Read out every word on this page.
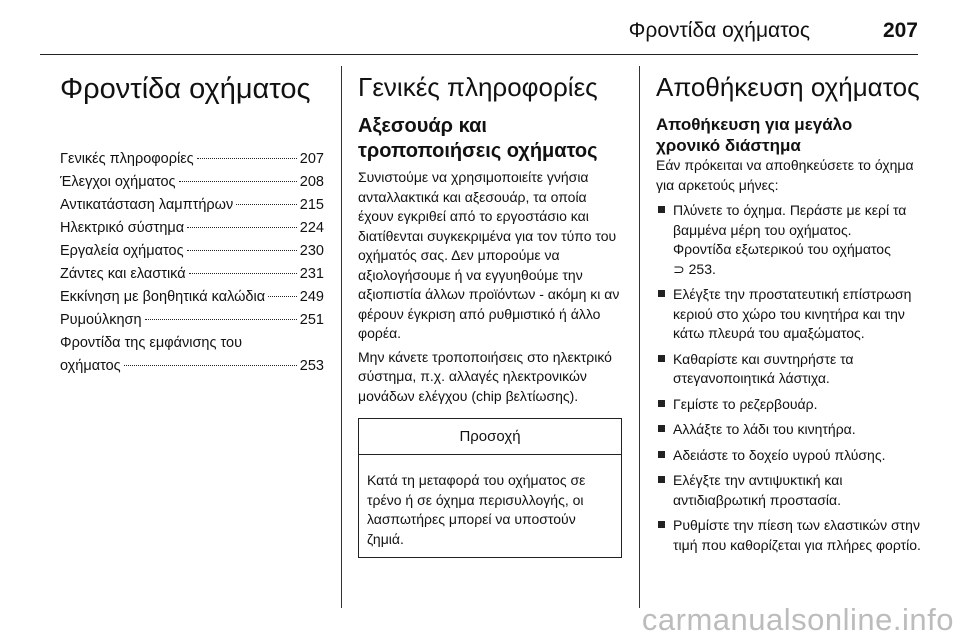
Φροντίδα οχήματος	207
Φροντίδα οχήματος
Γενικές πληροφορίες	207
Έλεγχοι οχήματος	208
Αντικατάσταση λαμπτήρων	215
Ηλεκτρικό σύστημα	224
Εργαλεία οχήματος	230
Ζάντες και ελαστικά	231
Εκκίνηση με βοηθητικά καλώδια 249
Ρυμούλκηση	251
Φροντίδα της εμφάνισης του
οχήματος	253
Γενικές πληροφορίες
Αξεσουάρ και
τροποποιήσεις οχήματος

Συνιστούμε να χρησιμοποιείτε γνήσια ανταλλακτικά και αξεσουάρ, τα οποία έχουν εγκριθεί από το εργοστάσιο και διατίθενται συγκεκριμένα για τον τύπο του οχήματός σας. Δεν μπορούμε να αξιολογήσουμε ή να εγγυηθούμε την αξιοπιστία άλλων προϊόντων - ακόμη κι αν φέρουν έγκριση από ρυθμιστικό ή άλλο φορέα.

Μην κάνετε τροποποιήσεις στο ηλεκτρικό σύστημα, π.χ. αλλαγές ηλεκτρονικών μονάδων ελέγχου (chip βελτίωσης).

Προσοχή
Κατά τη μεταφορά του οχήματος σε τρένο ή σε όχημα περισυλλογής, οι λασπωτήρες μπορεί να υποστούν ζημιά.
Αποθήκευση οχήματος
Αποθήκευση για μεγάλο
χρονικό διάστημα

Εάν πρόκειται να αποθηκεύσετε το όχημα για αρκετούς μήνες:

Πλύνετε το όχημα. Περάστε με κερί τα βαμμένα μέρη του οχήματος.
Φροντίδα εξωτερικού του οχήματος
⊃ 253.
Ελέγξτε την προστατευτική επίστρωση κεριού στο χώρο του κινητήρα και την κάτω πλευρά του αμαξώματος.
Καθαρίστε και συντηρήστε τα στεγανοποιητικά λάστιχα.
Γεμίστε το ρεζερβουάρ.
Αλλάξτε το λάδι του κινητήρα.
Αδειάστε το δοχείο υγρού πλύσης.
Ελέγξτε την αντιψυκτική και αντιδιαβρωτική προστασία.
Ρυθμίστε την πίεση των ελαστικών στην τιμή που καθορίζεται για πλήρες φορτίο.
carmanualsonline.info
